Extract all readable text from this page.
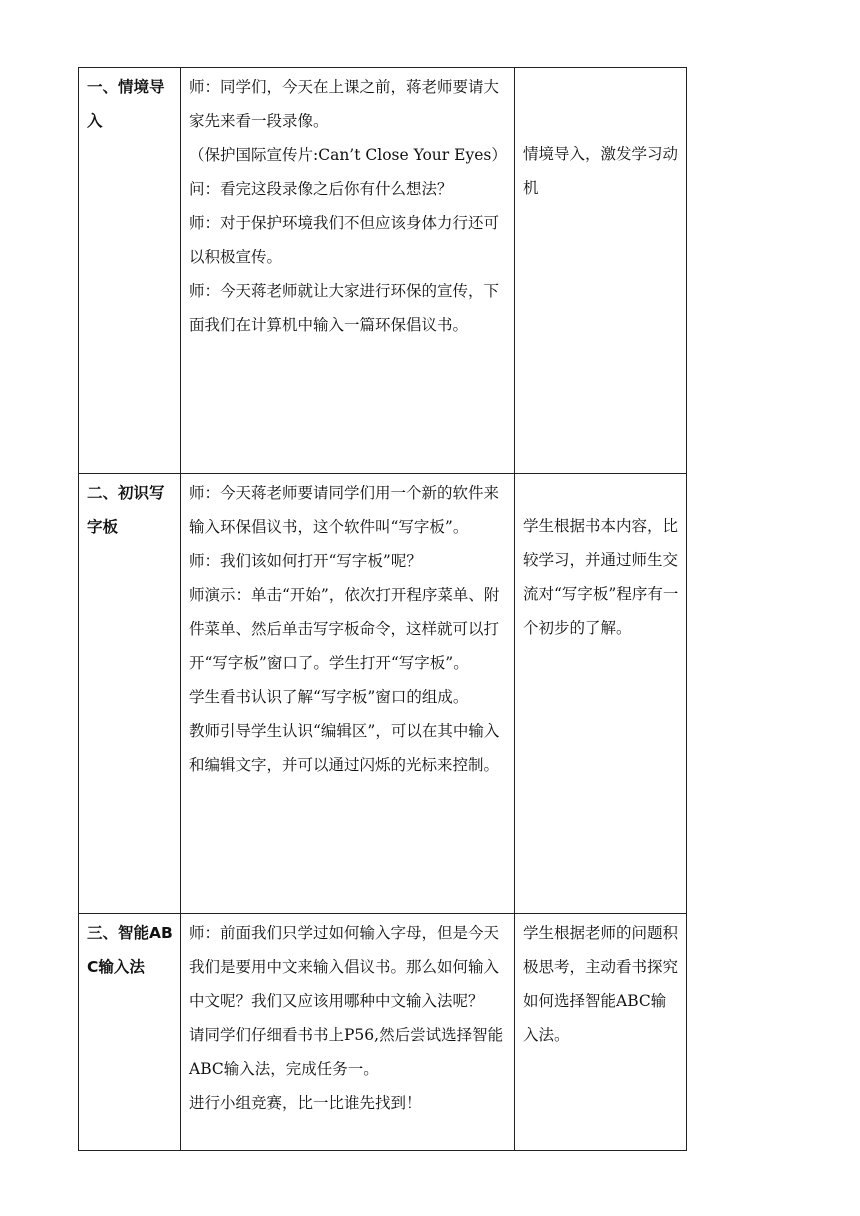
一、情境导入	师：同学们，今天在上课之前，蒋老师要请大家先来看一段录像。
（保护国际宣传片:Can’t Close Your Eyes）
问：看完这段录像之后你有什么想法？
师：对于保护环境我们不但应该身体力行还可以积极宣传。
师：今天蒋老师就让大家进行环保的宣传，下面我们在计算机中输入一篇环保倡议书。	情境导入，激发学习动机
二、初识写字板	师：今天蒋老师要请同学们用一个新的软件来输入环保倡议书，这个软件叫“写字板”。
师：我们该如何打开“写字板”呢？
师演示：单击“开始”，依次打开程序菜单、附件菜单、然后单击写字板命令，这样就可以打开“写字板”窗口了。学生打开“写字板”。
学生看书认识了解“写字板”窗口的组成。
教师引导学生认识“编辑区”，可以在其中输入和编辑文字，并可以通过闪烁的光标来控制。	学生根据书本内容，比较学习，并通过师生交流对“写字板”程序有一个初步的了解。
三、智能ABC输入法	师：前面我们只学过如何输入字母，但是今天我们是要用中文来输入倡议书。那么如何输入中文呢？我们又应该用哪种中文输入法呢？
请同学们仔细看书书上P56,然后尝试选择智能ABC输入法，完成任务一。
进行小组竞赛，比一比谁先找到！	学生根据老师的问题积极思考，主动看书探究如何选择智能ABC输入法。
